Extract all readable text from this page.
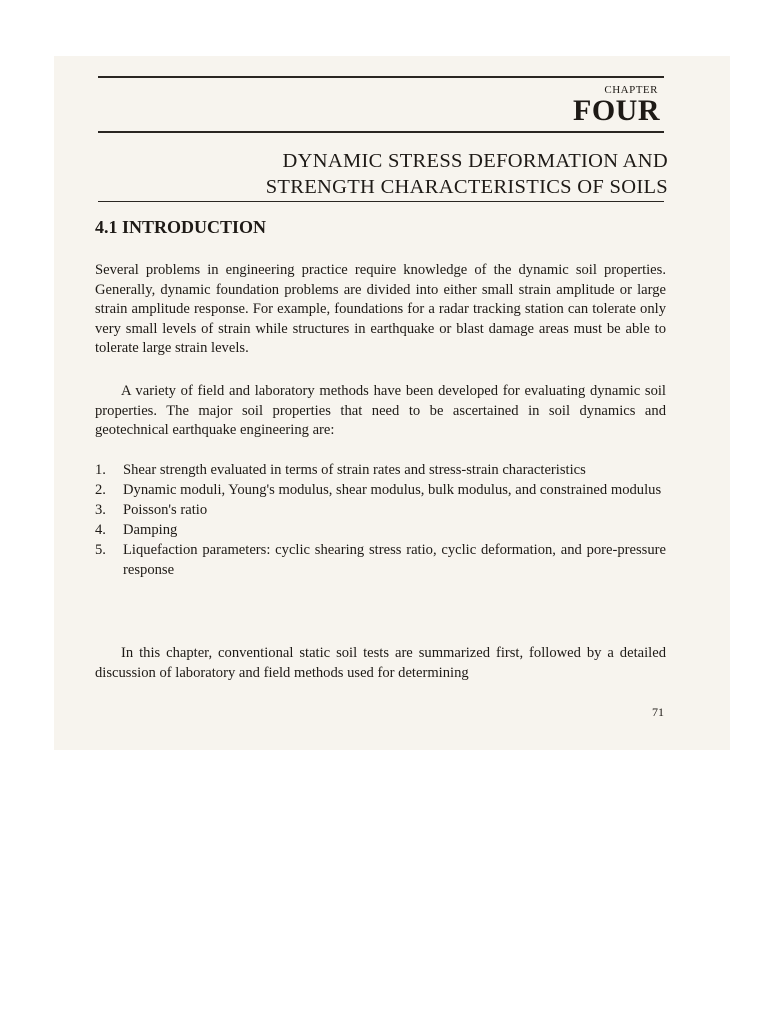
CHAPTER
FOUR
DYNAMIC STRESS DEFORMATION AND
STRENGTH CHARACTERISTICS OF SOILS
4.1 INTRODUCTION

Several problems in engineering practice require knowledge of the dynamic soil properties. Generally, dynamic foundation problems are divided into either small strain amplitude or large strain amplitude response. For example, foundations for a radar tracking station can tolerate only very small levels of strain while structures in earthquake or blast damage areas must be able to tolerate large strain levels.

A variety of field and laboratory methods have been developed for evaluating dynamic soil properties. The major soil properties that need to be ascertained in soil dynamics and geotechnical earthquake engineering are:

1.	Shear strength evaluated in terms of strain rates and stress-strain characteristics
2.	Dynamic moduli, Young's modulus, shear modulus, bulk modulus, and constrained modulus
3.	Poisson's ratio
4.	Damping
5.	Liquefaction parameters: cyclic shearing stress ratio, cyclic deformation, and pore-pressure response

In this chapter, conventional static soil tests are summarized first, followed by a detailed discussion of laboratory and field methods used for determining

71
